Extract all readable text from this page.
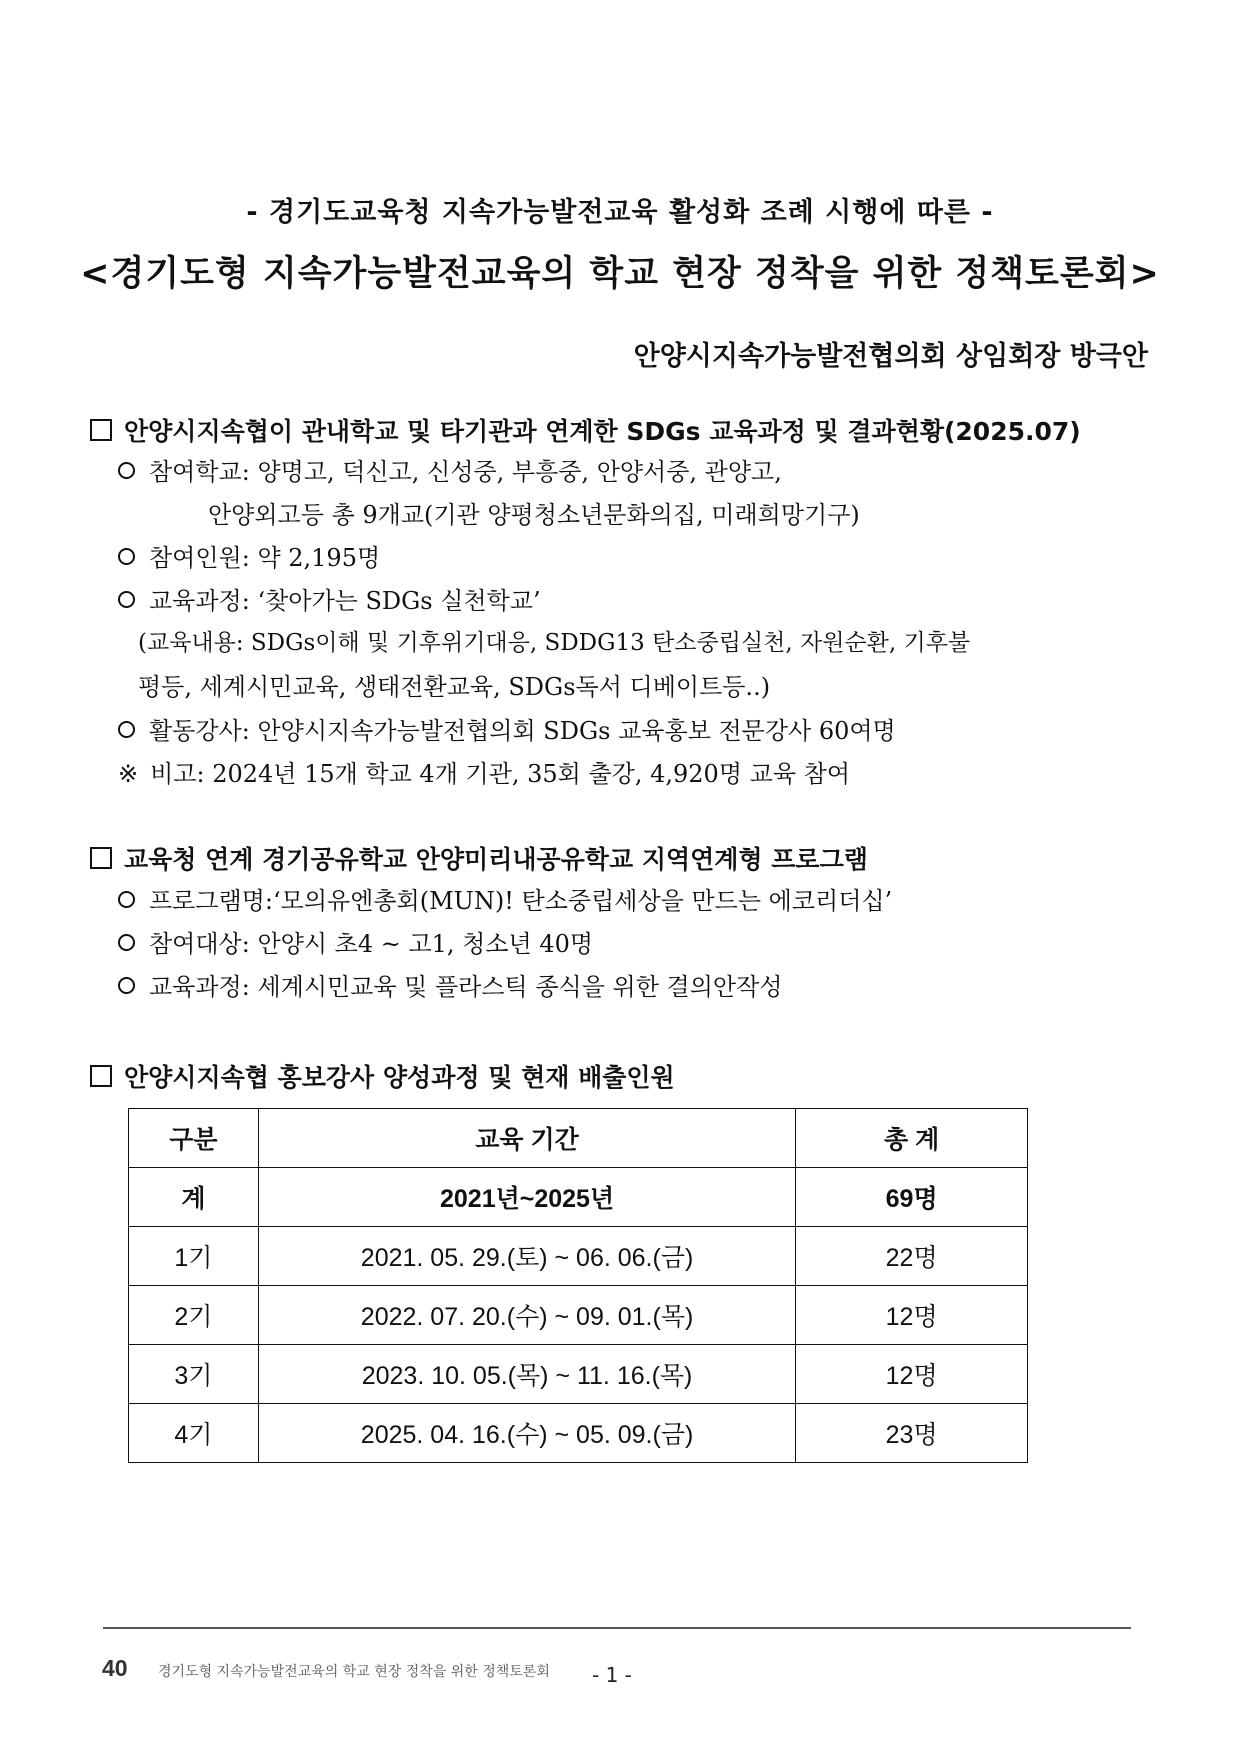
- 경기도교육청 지속가능발전교육 활성화 조례 시행에 따른 -
<경기도형 지속가능발전교육의 학교 현장 정착을 위한 정책토론회>
안양시지속가능발전협의회 상임회장 방극안
안양시지속협이 관내학교 및 타기관과 연계한 SDGs 교육과정 및 결과현황(2025.07)
참여학교: 양명고, 덕신고, 신성중, 부흥중, 안양서중, 관양고,
안양외고등 총 9개교(기관 양평청소년문화의집, 미래희망기구)
참여인원: 약 2,195명
교육과정: ‘찾아가는 SDGs 실천학교’
(교육내용: SDGs이해 및 기후위기대응, SDDG13 탄소중립실천, 자원순환, 기후불
평등, 세계시민교육, 생태전환교육, SDGs독서 디베이트등..)
활동강사: 안양시지속가능발전협의회 SDGs 교육홍보 전문강사 60여명
※ 비고: 2024년 15개 학교 4개 기관, 35회 출강, 4,920명 교육 참여
교육청 연계 경기공유학교 안양미리내공유학교 지역연계형 프로그램
프로그램명:‘모의유엔총회(MUN)! 탄소중립세상을 만드는 에코리더십’
참여대상: 안양시 초4 ~ 고1, 청소년 40명
교육과정: 세계시민교육 및 플라스틱 종식을 위한 결의안작성
안양시지속협 홍보강사 양성과정 및 현재 배출인원
구분	교육 기간	총 계
계	2021년~2025년	69명
1기	2021. 05. 29.(토) ~ 06. 06.(금)	22명
2기	2022. 07. 20.(수) ~ 09. 01.(목)	12명
3기	2023. 10. 05.(목) ~ 11. 16.(목)	12명
4기	2025. 04. 16.(수) ~ 05. 09.(금)	23명
40 경기도형 지속가능발전교육의 학교 현장 정착을 위한 정책토론회 - 1 -
